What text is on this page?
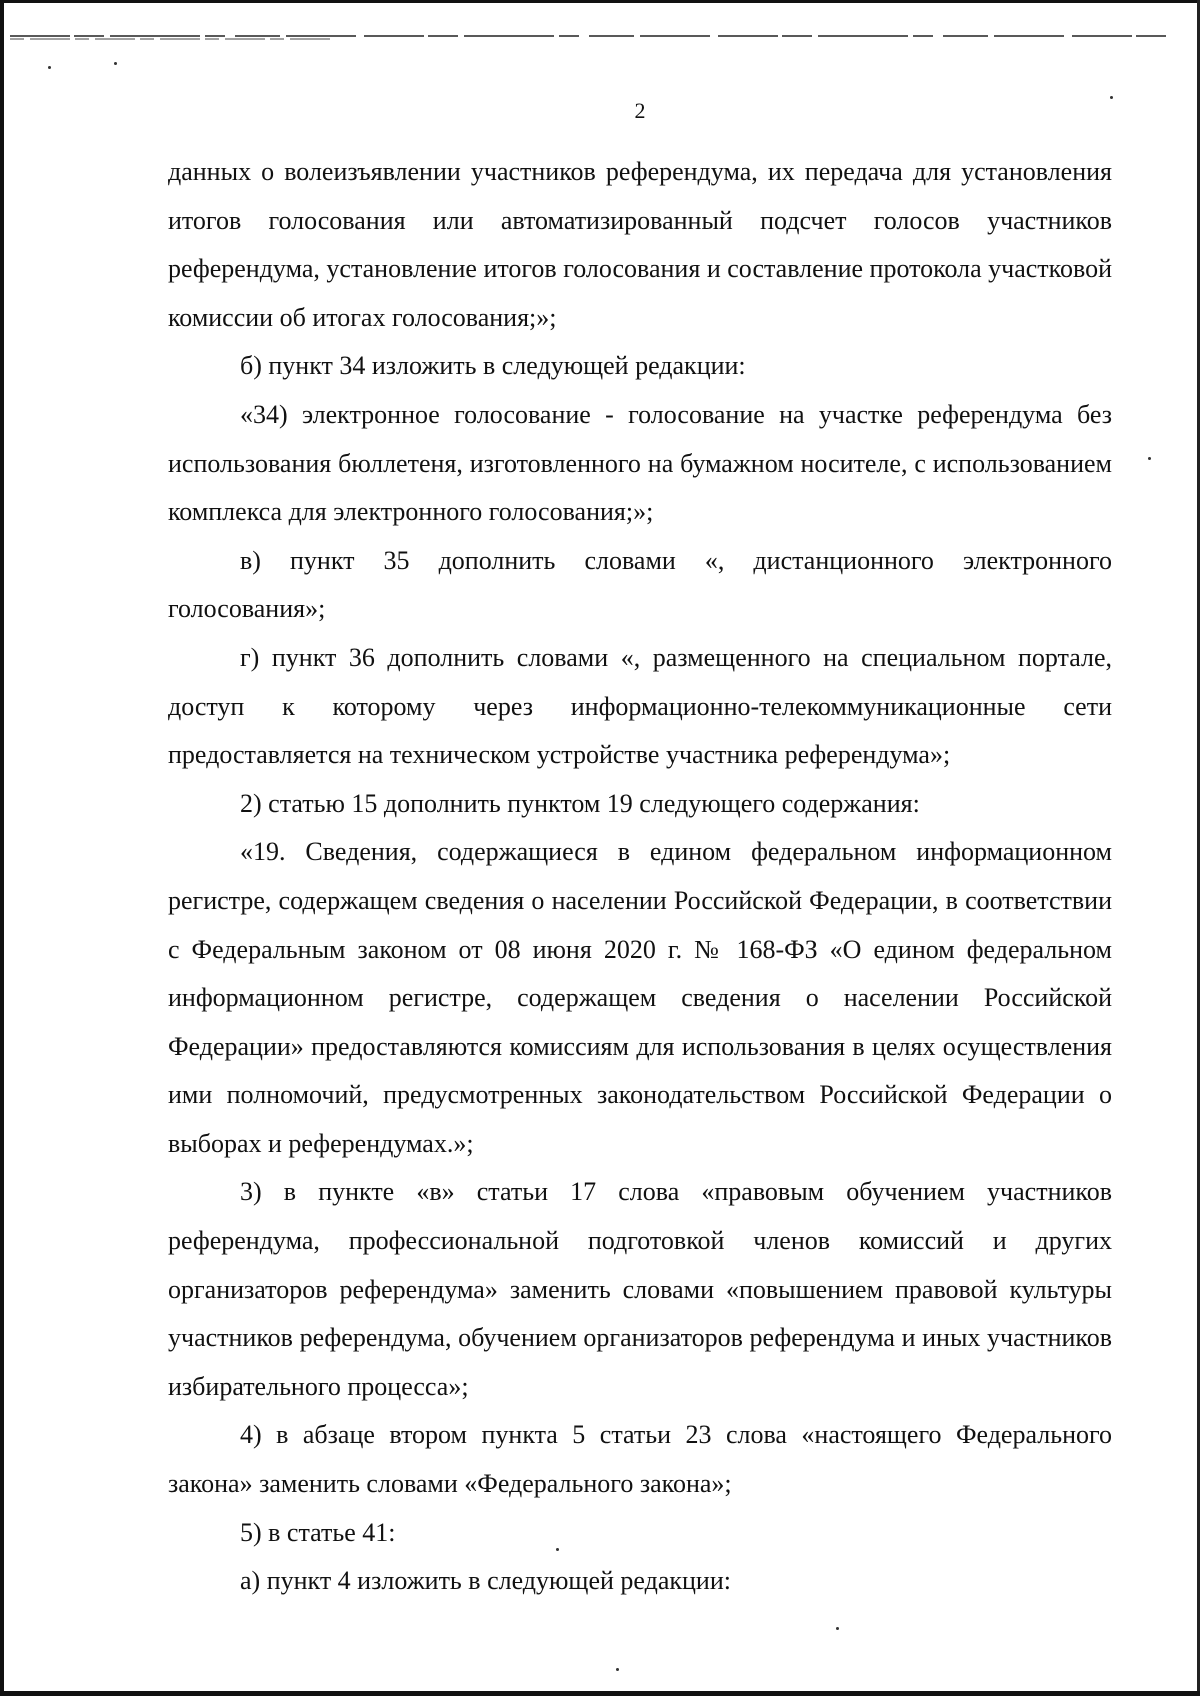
2

данных о волеизъявлении участников референдума, их передача для установления итогов голосования или автоматизированный подсчет голосов участников референдума, установление итогов голосования и составление протокола участковой комиссии об итогах голосования;»;

б) пункт 34 изложить в следующей редакции:

«34) электронное голосование - голосование на участке референдума без использования бюллетеня, изготовленного на бумажном носителе, с использованием комплекса для электронного голосования;»;

в) пункт 35 дополнить словами «, дистанционного электронного голосования»;

г) пункт 36 дополнить словами «, размещенного на специальном портале, доступ к которому через информационно-телекоммуникационные сети предоставляется на техническом устройстве участника референдума»;

2) статью 15 дополнить пунктом 19 следующего содержания:

«19. Сведения, содержащиеся в едином федеральном информационном регистре, содержащем сведения о населении Российской Федерации, в соответствии с Федеральным законом от 08 июня 2020 г. № 168-ФЗ «О едином федеральном информационном регистре, содержащем сведения о населении Российской Федерации» предоставляются комиссиям для использования в целях осуществления ими полномочий, предусмотренных законодательством Российской Федерации о выборах и референдумах.»;

3) в пункте «в» статьи 17 слова «правовым обучением участников референдума, профессиональной подготовкой членов комиссий и других организаторов референдума» заменить словами «повышением правовой культуры участников референдума, обучением организаторов референдума и иных участников избирательного процесса»;

4) в абзаце втором пункта 5 статьи 23 слова «настоящего Федерального закона» заменить словами «Федерального закона»;

5) в статье 41:

а) пункт 4 изложить в следующей редакции:
